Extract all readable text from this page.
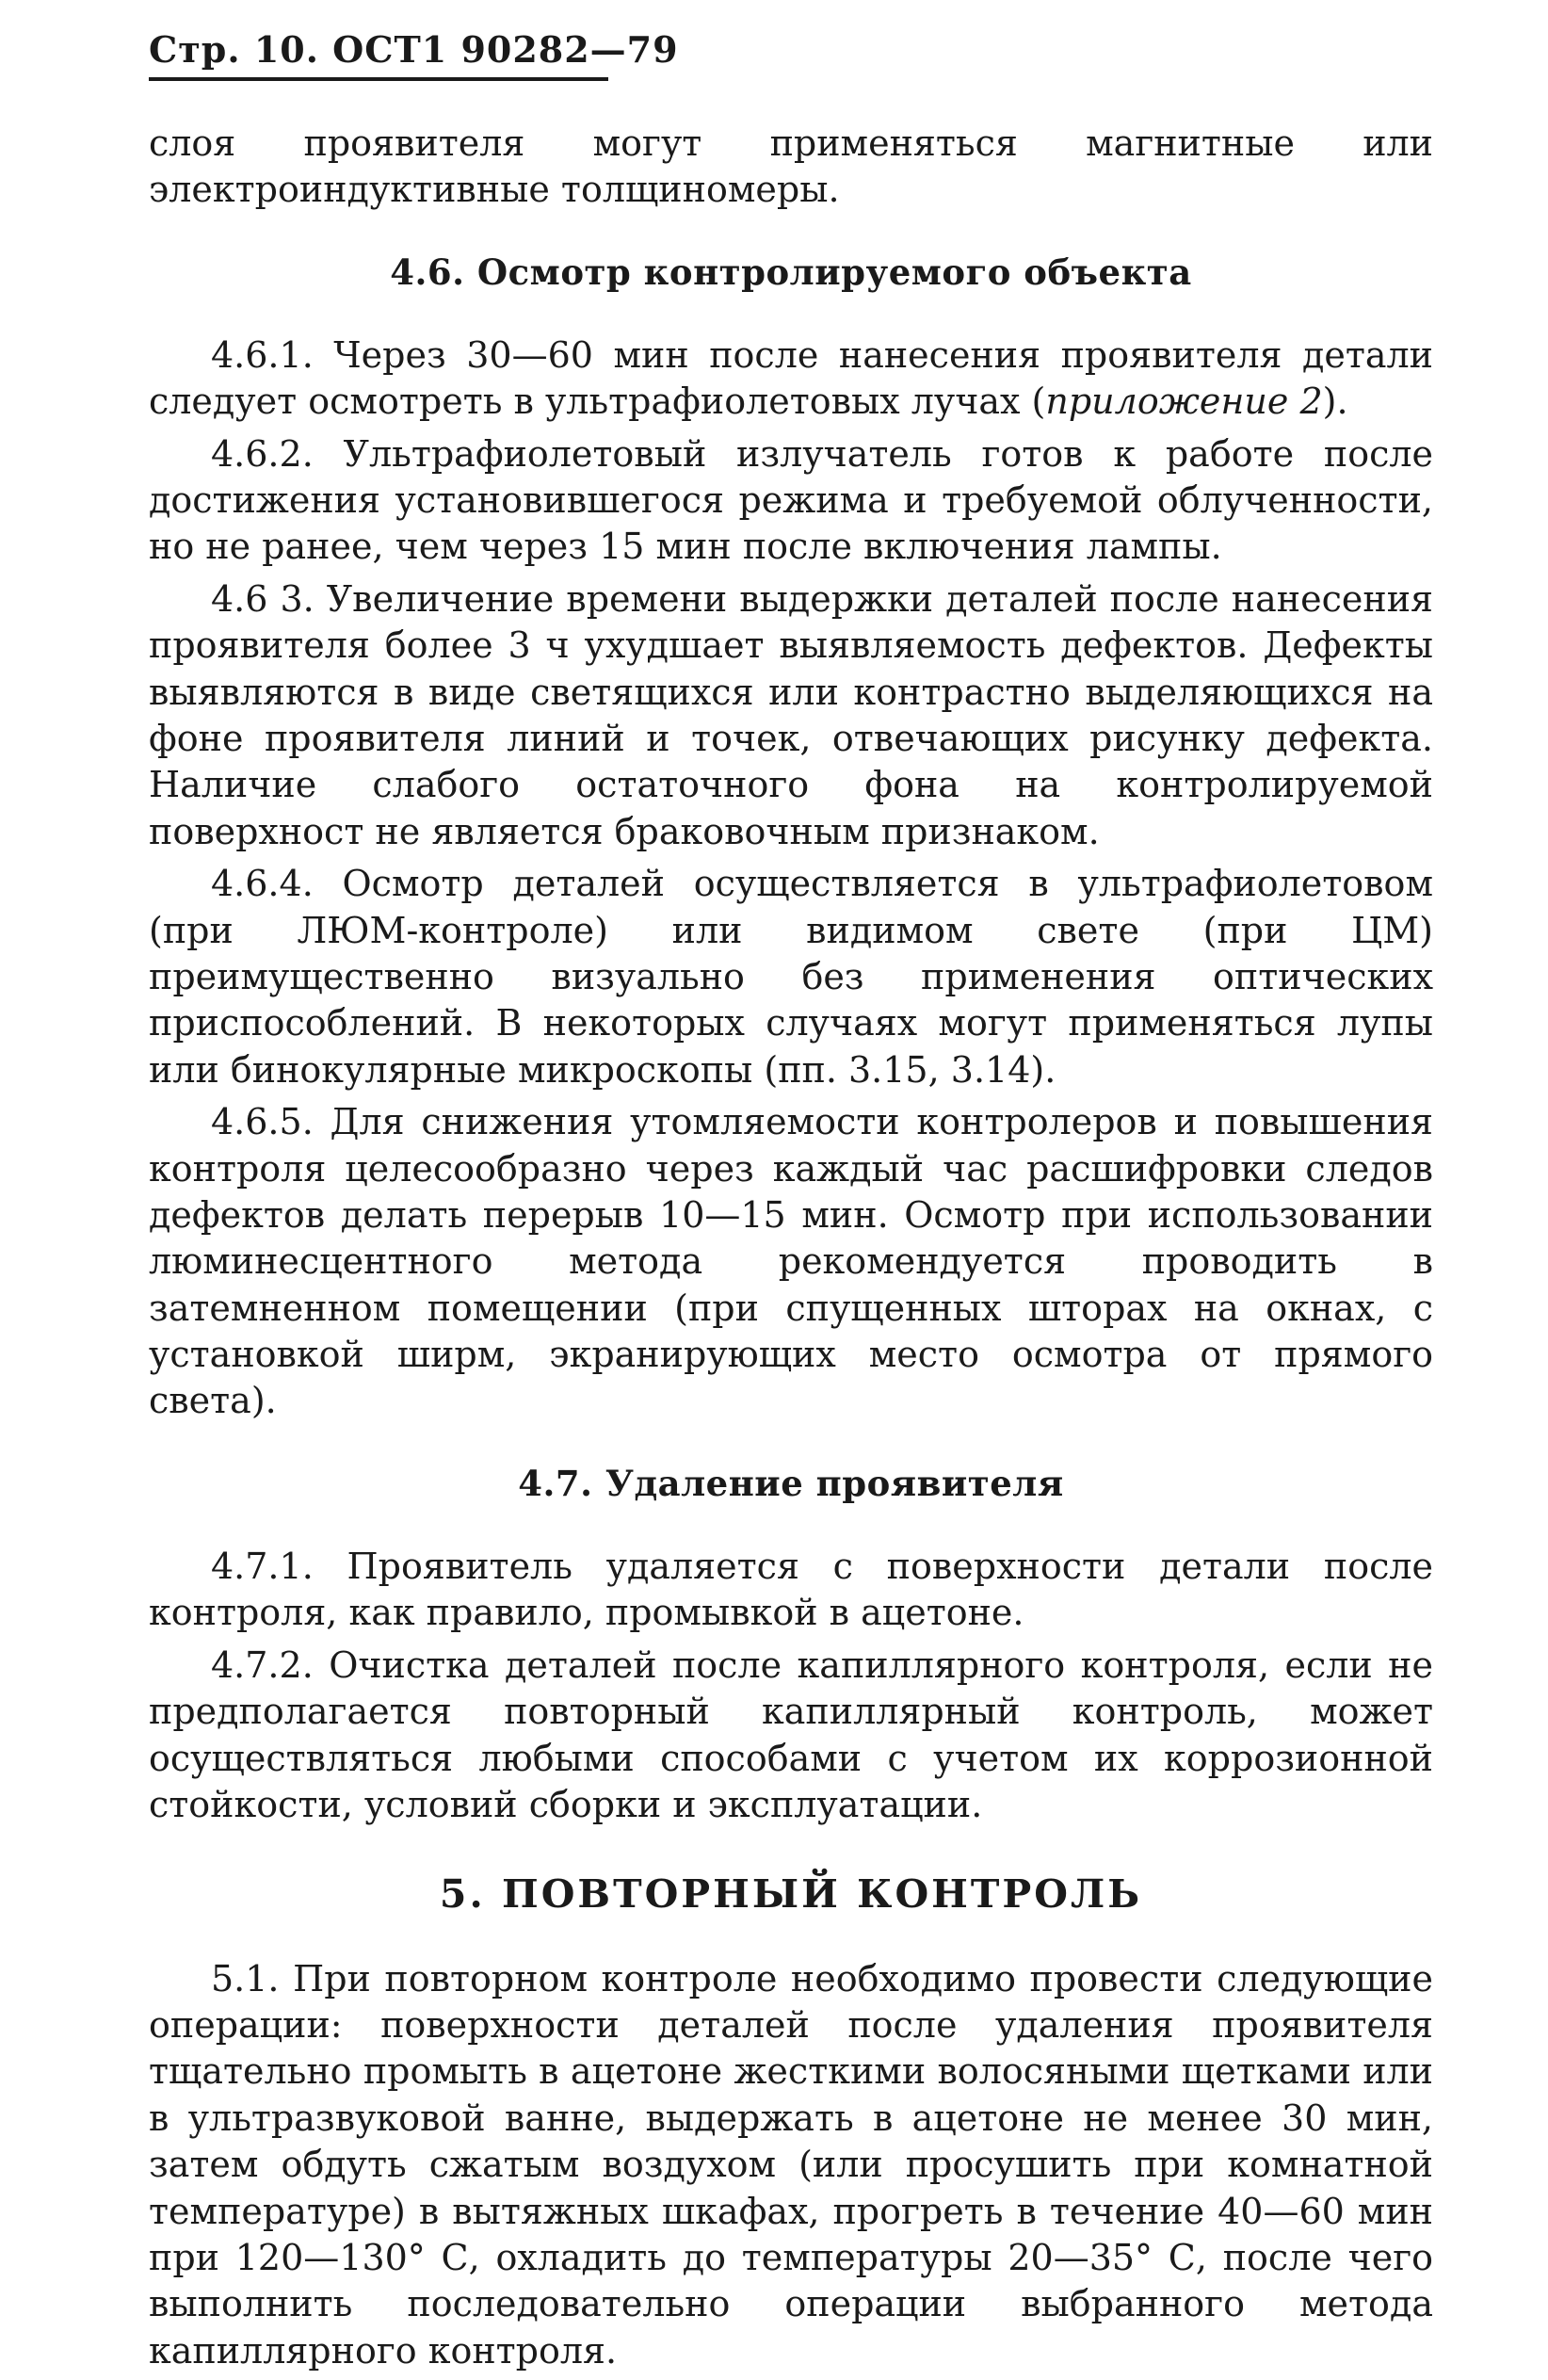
Стр. 10. ОСТ1 90282—79

слоя проявителя могут применяться магнитные или электроиндуктивные толщиномеры.

4.6. Осмотр контролируемого объекта

4.6.1. Через 30—60 мин после нанесения проявителя детали следует осмотреть в ультрафиолетовых лучах (приложение 2).

4.6.2. Ультрафиолетовый излучатель готов к работе после достижения установившегося режима и требуемой облученности, но не ранее, чем через 15 мин после включения лампы.

4.6 3. Увеличение времени выдержки деталей после нанесения проявителя более 3 ч ухудшает выявляемость дефектов. Дефекты выявляются в виде светящихся или контрастно выделяющихся на фоне проявителя линий и точек, отвечающих рисунку дефекта. Наличие слабого остаточного фона на контролируемой поверхност не является браковочным признаком.

4.6.4. Осмотр деталей осуществляется в ультрафиолетовом (при ЛЮМ-контроле) или видимом свете (при ЦМ) преимущественно визуально без применения оптических приспособлений. В некоторых случаях могут применяться лупы или бинокулярные микроскопы (пп. 3.15, 3.14).

4.6.5. Для снижения утомляемости контролеров и повышения контроля целесообразно через каждый час расшифровки следов дефектов делать перерыв 10—15 мин. Осмотр при использовании люминесцентного метода рекомендуется проводить в затемненном помещении (при спущенных шторах на окнах, с установкой ширм, экранирующих место осмотра от прямого света).

4.7. Удаление проявителя

4.7.1. Проявитель удаляется с поверхности детали после контроля, как правило, промывкой в ацетоне.

4.7.2. Очистка деталей после капиллярного контроля, если не предполагается повторный капиллярный контроль, может осуществляться любыми способами с учетом их коррозионной стойкости, условий сборки и эксплуатации.

5. ПОВТОРНЫЙ КОНТРОЛЬ

5.1. При повторном контроле необходимо провести следующие операции: поверхности деталей после удаления проявителя тщательно промыть в ацетоне жесткими волосяными щетками или в ультразвуковой ванне, выдержать в ацетоне не менее 30 мин, затем обдуть сжатым воздухом (или просушить при комнатной температуре) в вытяжных шкафах, прогреть в течение 40—60 мин при 120—130° С, охладить до температуры 20—35° С, после чего выполнить последовательно операции выбранного метода капиллярного контроля.
